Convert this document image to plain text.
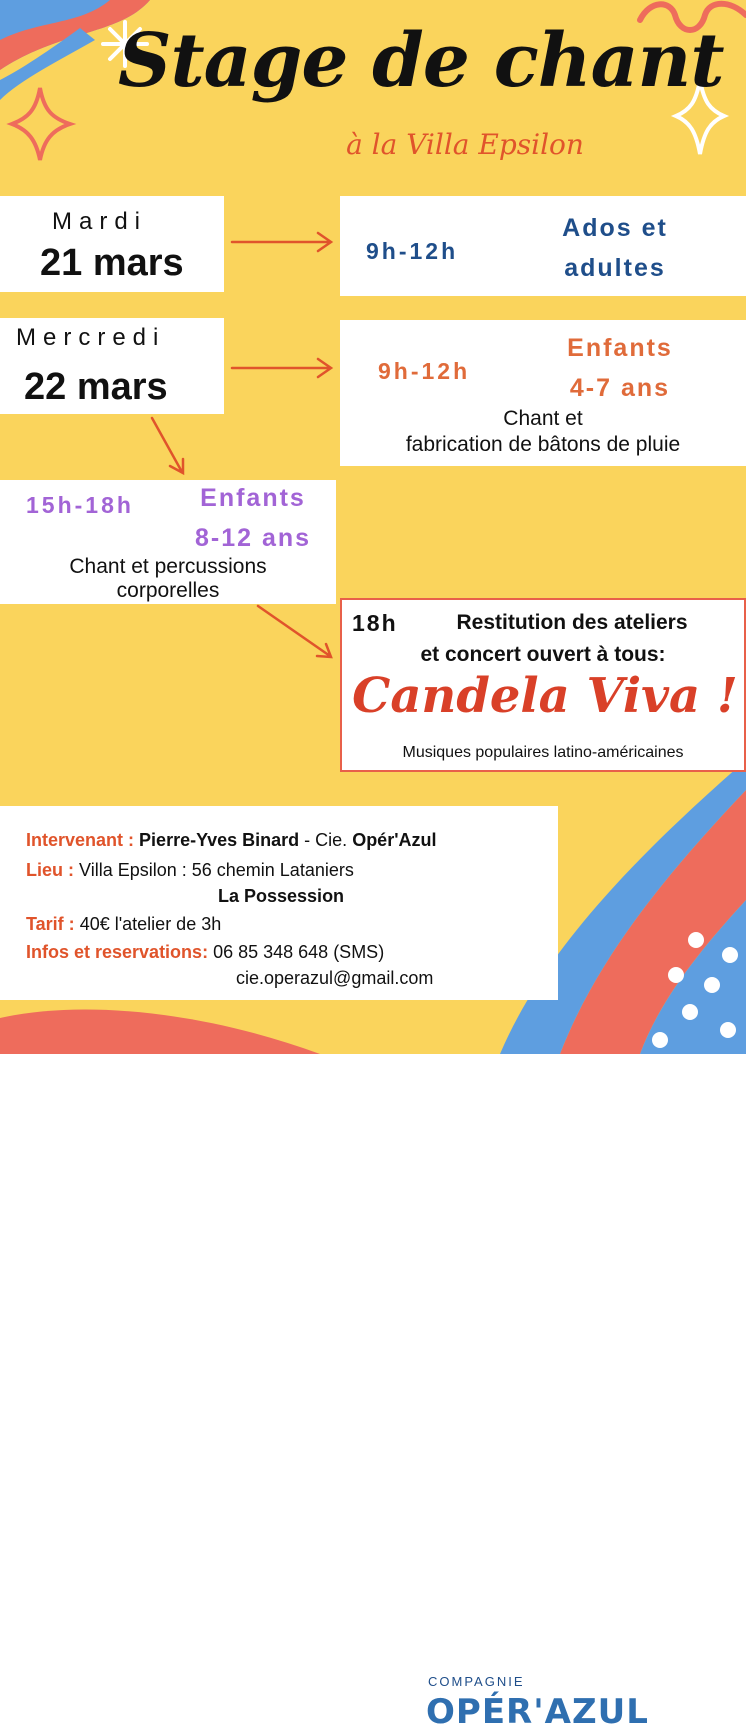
Stage de chant
à la Villa Epsilon
Mardi
21 mars	9h-12h
Ados et
adultes
Mercredi
22 mars	9h-12h
Enfants
4-7 ans
Chant et
fabrication de bâtons de pluie
15h-18h	Enfants
8-12 ans
Chant et percussions
corporelles
18h	Restitution des ateliers
et concert ouvert à tous:
Musiques populaires latino-américaines
Candela Viva !
Intervenant : Pierre-Yves Binard - Cie. Opér'Azul
Lieu : Villa Epsilon : 56 chemin Lataniers
La Possession
Tarif : 40€ l'atelier de 3h
Infos et reservations: 06 85 348 648 (SMS)
cie.operazul@gmail.com
COMPAGNIE
OPÉR'AZUL
